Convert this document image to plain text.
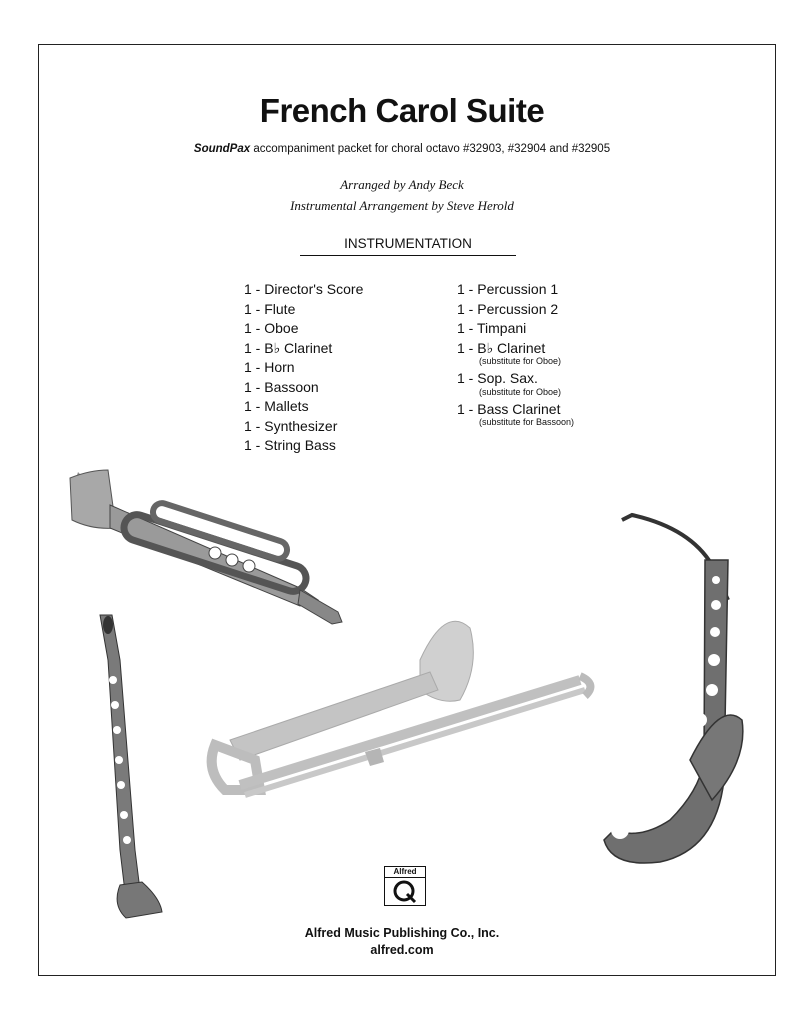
French Carol Suite
SoundPax accompaniment packet for choral octavo #32903, #32904 and #32905
Arranged by Andy Beck
Instrumental Arrangement by Steve Herold
INSTRUMENTATION
1 - Director's Score
1 - Flute
1 - Oboe
1 - B♭ Clarinet
1 - Horn
1 - Bassoon
1 - Mallets
1 - Synthesizer
1 - String Bass
1 - Percussion 1
1 - Percussion 2
1 - Timpani
1 - B♭ Clarinet
(substitute for Oboe)
1 - Sop. Sax.
(substitute for Oboe)
1 - Bass Clarinet
(substitute for Bassoon)
Alfred
Alfred Music Publishing Co., Inc.
alfred.com
